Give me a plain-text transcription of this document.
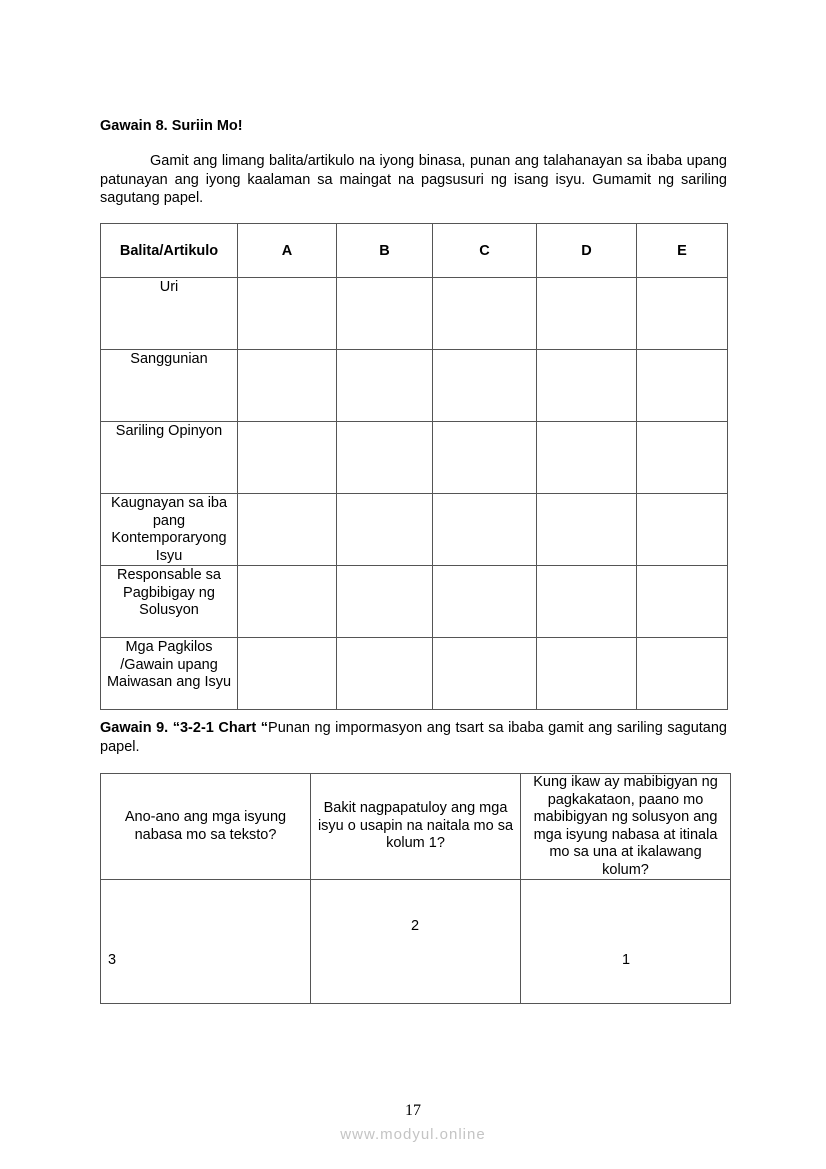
Gawain 8. Suriin Mo!
Gamit ang limang balita/artikulo na iyong binasa, punan ang talahanayan sa ibaba upang patunayan ang iyong kaalaman sa maingat na pagsusuri ng isang isyu. Gumamit ng sariling sagutang papel.
Balita/Artikulo	A	B	C	D	E
Uri					
Sanggunian					
Sariling Opinyon					
Kaugnayan sa iba pang Kontemporaryong Isyu					
Responsable sa Pagbibigay ng Solusyon					
Mga Pagkilos /Gawain upang Maiwasan ang Isyu					
Gawain 9. “3-2-1 Chart “Punan ng impormasyon ang tsart sa ibaba gamit ang sariling sagutang papel.
Ano-ano ang mga isyung nabasa mo sa teksto?	Bakit nagpapatuloy ang mga isyu o usapin na naitala mo sa kolum 1?	Kung ikaw ay mabibigyan ng pagkakataon, paano mo mabibigyan ng solusyon ang mga isyung nabasa at itinala mo sa una at ikalawang kolum?

3	2	1
17
www.modyul.online
